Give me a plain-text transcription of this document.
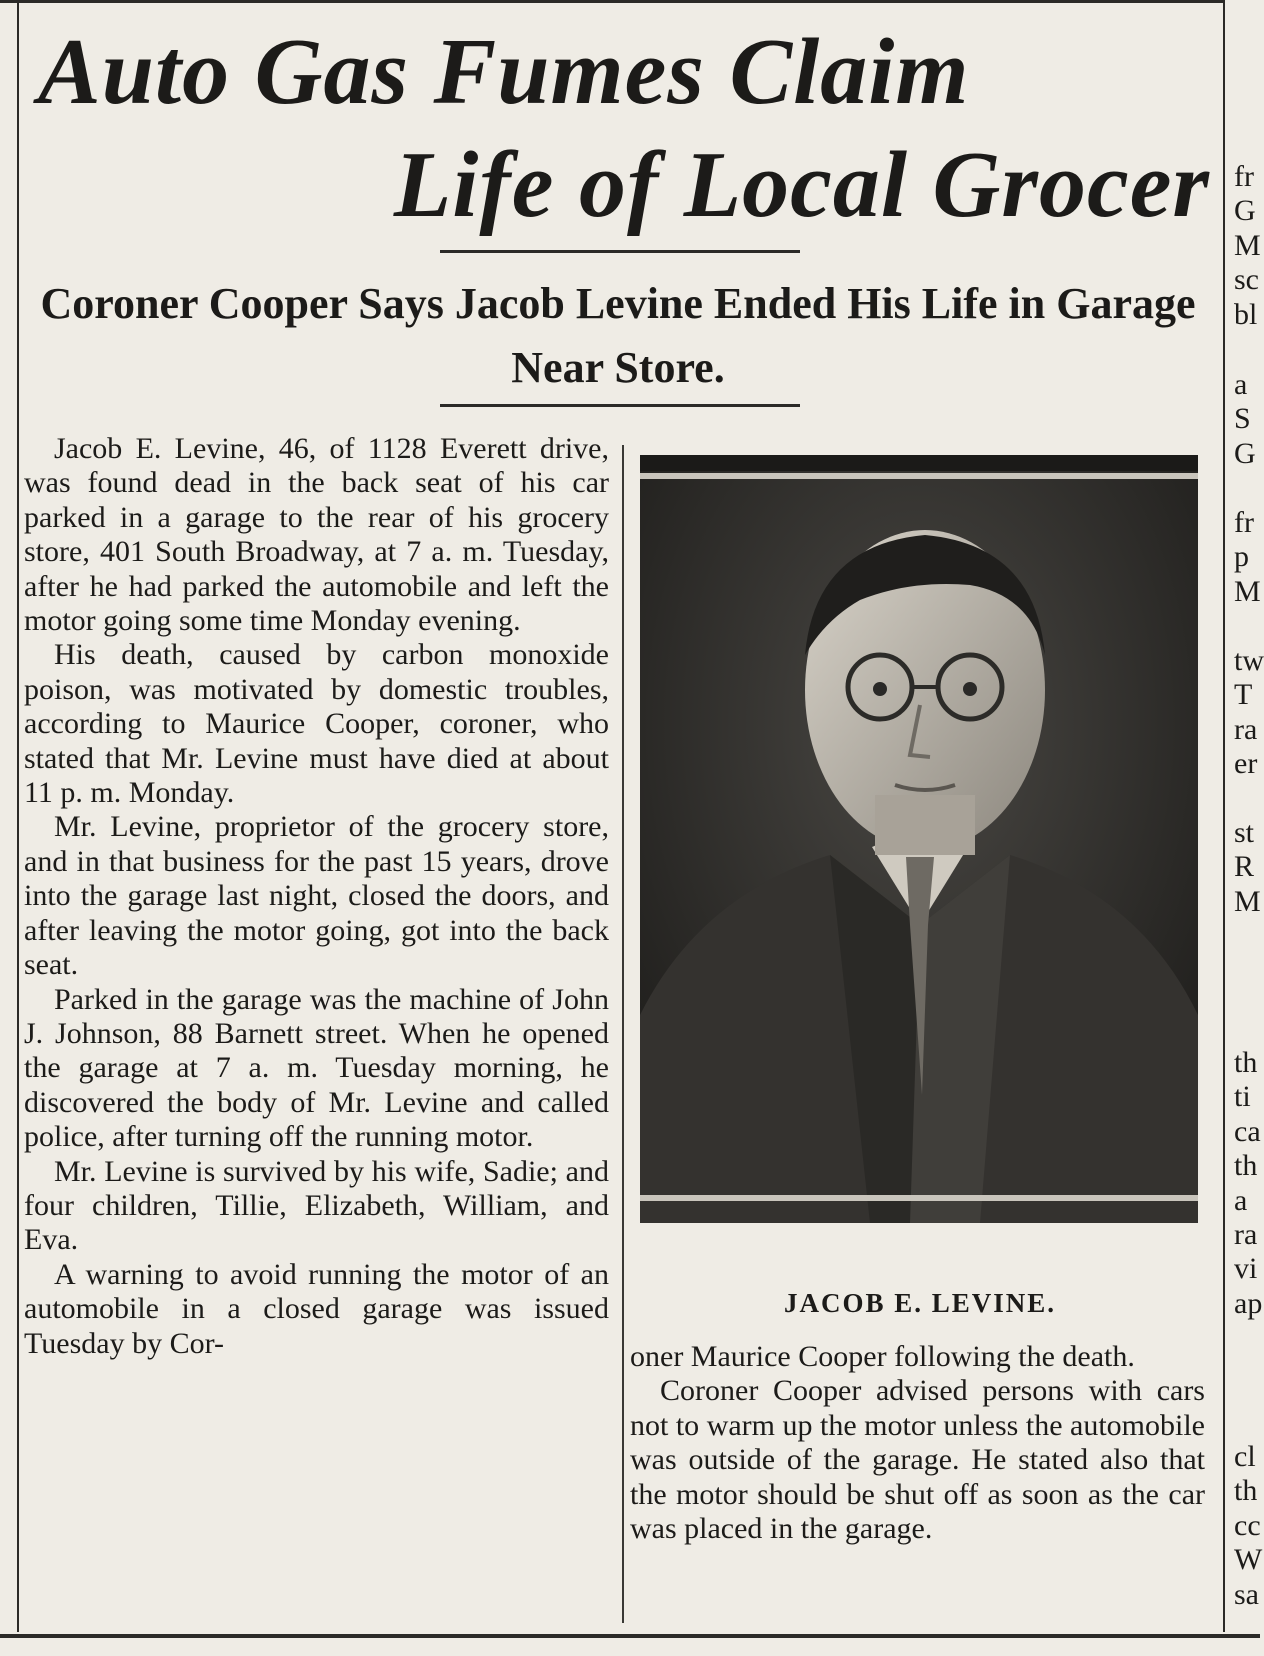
Auto Gas Fumes Claim
Life of Local Grocer
Coroner Cooper Says Jacob Levine Ended His Life in Garage Near Store.

Jacob E. Levine, 46, of 1128 Everett drive, was found dead in the back seat of his car parked in a garage to the rear of his grocery store, 401 South Broadway, at 7 a. m. Tuesday, after he had parked the automobile and left the motor going some time Monday evening.

His death, caused by carbon monoxide poison, was motivated by domestic troubles, according to Maurice Cooper, coroner, who stated that Mr. Levine must have died at about 11 p. m. Monday.

Mr. Levine, proprietor of the grocery store, and in that business for the past 15 years, drove into the garage last night, closed the doors, and after leaving the motor going, got into the back seat.

Parked in the garage was the machine of John J. Johnson, 88 Barnett street. When he opened the garage at 7 a. m. Tuesday morning, he discovered the body of Mr. Levine and called police, after turning off the running motor.

Mr. Levine is survived by his wife, Sadie; and four children, Tillie, Elizabeth, William, and Eva.

A warning to avoid running the motor of an automobile in a closed garage was issued Tuesday by Cor-

JACOB E. LEVINE.

oner Maurice Cooper following the death.

Coroner Cooper advised persons with cars not to warm up the motor unless the automobile was outside of the garage. He stated also that the motor should be shut off as soon as the car was placed in the garage.

fr
G
M
sc
bl
a
S
G
fr
p
M
tw
T
ra
er
st
R
M
th
ti
ca
th
a
ra
vi
ap
cl
th
cc
W
sa
